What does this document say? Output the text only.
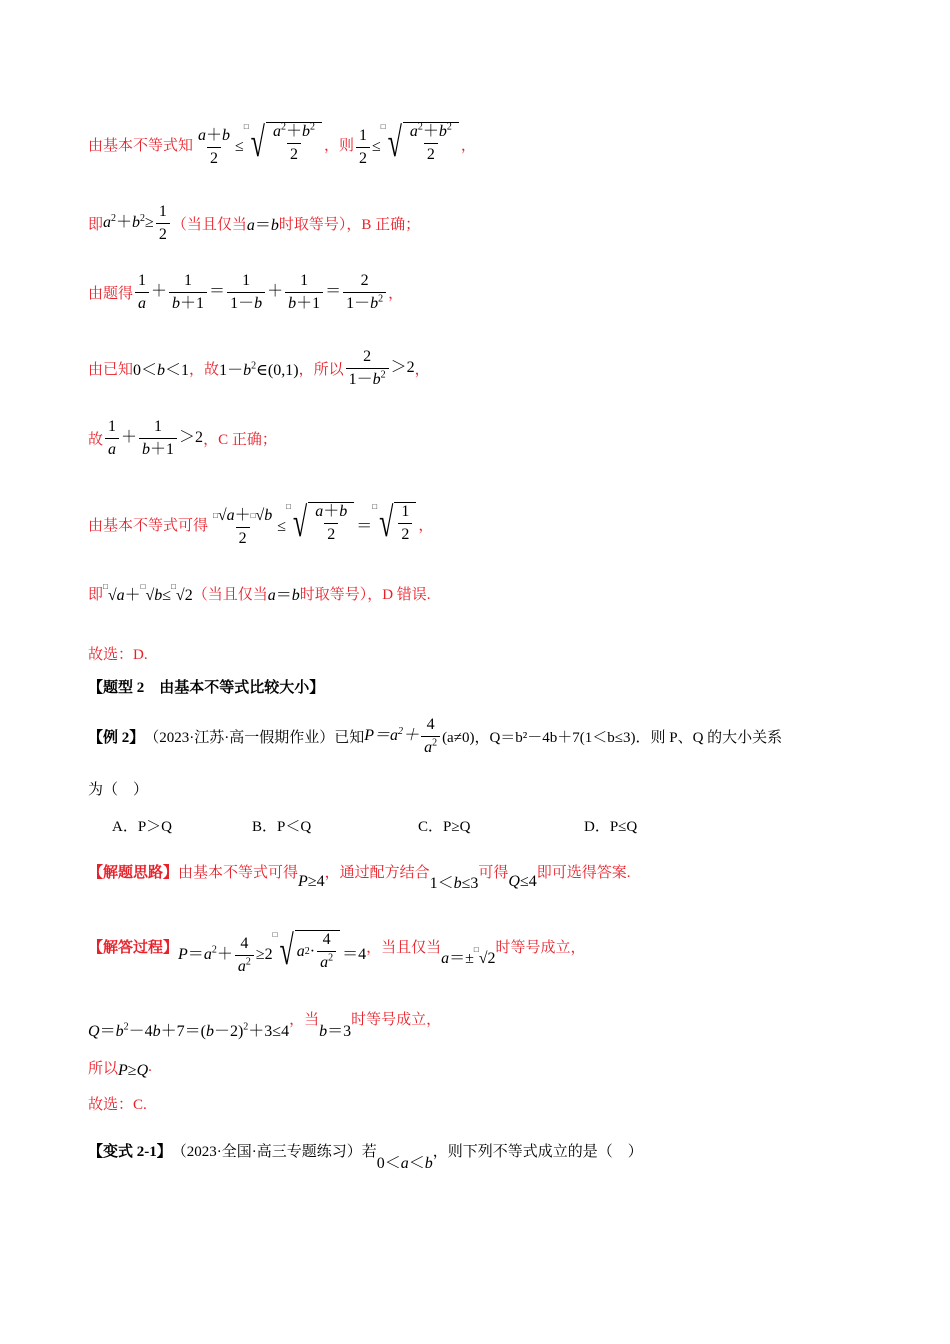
由基本不等式知 $\frac{a+b}{2} \le^□$ √ $\frac{a^2+b^2}{2}$ ，则 $\frac{1}{2} \le^□$ √ $\frac{a^2+b^2}{2}$ ，
即 $a^2+b^2\ge \frac{1}{2}$ （当且仅当 a＝b 时取等号），B 正确；
由题得 $\frac{1}{a} + \frac{1}{b+1} = \frac{1}{1-b} + \frac{1}{b+1} = \frac{2}{1-b^2}$ ，
由已知 0＜b＜1 ，故 $1-b^2\in(0,1)$ ，所以 $\frac{2}{1-b^2} >2$ ，
故 $\frac{1}{a} + \frac{1}{b+1} >2$ ，C 正确；
由基本不等式可得 $\frac{^□√a+^□√b}{2} \le^□$ √ $\frac{a+b}{2} =^□$ √ $\frac{1}{2}$ ，
即
□√a＋□√b≤□√2 （当且仅当 a＝b 时取等号），D 错误.
故选：D.
【题型 2　由基本不等式比较大小】
【例 2】 （2023·江苏·高一假期作业）已知 $P=a^2+ \frac{4}{a^2} (a\ne 0)$， Q＝b²－4b＋7(1＜b≤3)．则 P、Q 的大小关系
为（　）
A．P＞Q	B．P＜Q	C．P≥Q	D．P≤Q
【解题思路】 由基本不等式可得 P≥4 ，通过配方结合
1＜b≤3
可得 Q≤4 即可选得答案.
【解答过程】 $P=a^2+ \frac{4}{a^2} \ge 2^□$ √ a $2 \cdot \frac{4}{a^2} =4$ ，当且仅当
a＝±□√2
时等号成立，
$Q=b^2-4b+7=(b-2)^2+3\le 4$
，当
b＝3
时等号成立，
所以 P≥Q .
故选：C.
【变式 2-1】 （2023·全国·高三专题练习）若
0＜a＜b
，则下列不等式成立的是（　）
